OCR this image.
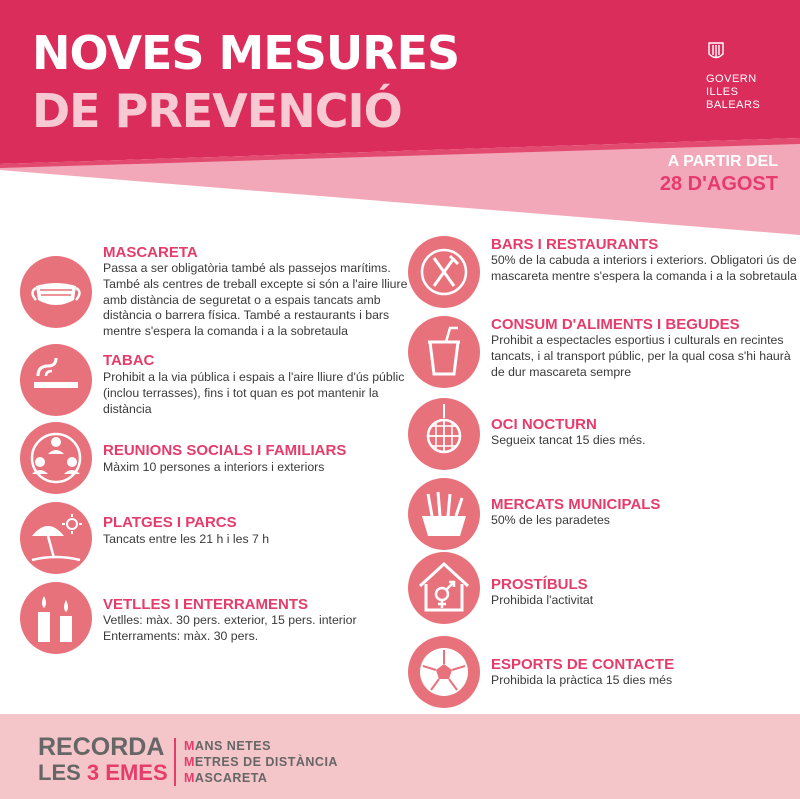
NOVES MESURES
DE PREVENCIÓ
GOVERN
ILLES
BALEARS
A PARTIR DEL
28 D'AGOST
MASCARETA
Passa a ser obligatòria també als passejos marítims. També als centres de treball excepte si són a l'aire lliure amb distància de seguretat o a espais tancats amb distància o barrera física. També a restaurants i bars mentre s'espera la comanda i a la sobretaula
TABAC
Prohibit a la via pública i espais a l'aire lliure d'ús públic (inclou terrasses), fins i tot quan es pot mantenir la distància
REUNIONS SOCIALS I FAMILIARS
Màxim 10 persones a interiors i exteriors
PLATGES I PARCS
Tancats entre les 21 h i les 7 h
VETLLES I ENTERRAMENTS
Vetlles: màx. 30 pers. exterior, 15 pers. interior Enterraments: màx. 30 pers.
BARS I RESTAURANTS
50% de la cabuda a interiors i exteriors. Obligatori ús de mascareta mentre s'espera la comanda i a la sobretaula
CONSUM D'ALIMENTS I BEGUDES
Prohibit a espectacles esportius i culturals en recintes tancats, i al transport públic, per la qual cosa s'hi haurà de dur mascareta sempre
OCI NOCTURN
Segueix tancat 15 dies més.
MERCATS MUNICIPALS
50% de les paradetes
PROSTÍBULS
Prohibida l'activitat
ESPORTS DE CONTACTE
Prohibida la pràctica 15 dies més
RECORDA
LES 3 EMES
MANS NETES
METRES DE DISTÀNCIA
MASCARETA
